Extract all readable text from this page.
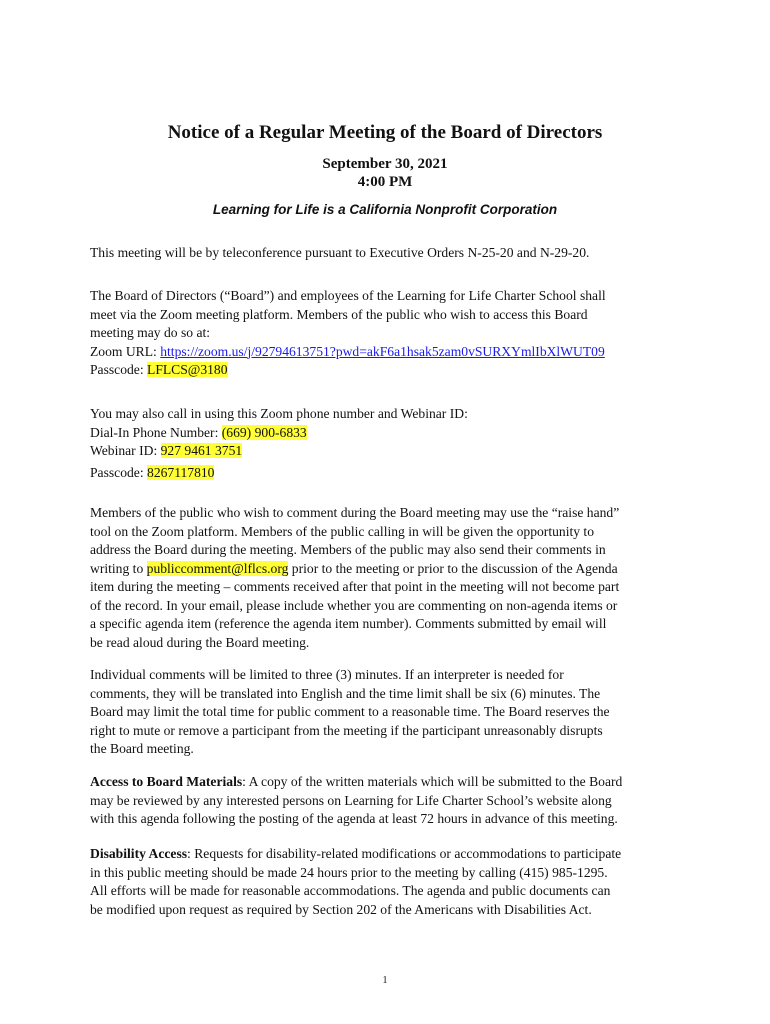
Notice of a Regular Meeting of the Board of Directors
September 30, 2021
4:00 PM
Learning for Life is a California Nonprofit Corporation
This meeting will be by teleconference pursuant to Executive Orders N-25-20 and N-29-20.
The Board of Directors (“Board”) and employees of the Learning for Life Charter School shall
meet via the Zoom meeting platform. Members of the public who wish to access this Board
meeting may do so at:
Zoom URL: https://zoom.us/j/92794613751?pwd=akF6a1hsak5zam0vSURXYmlIbXlWUT09
Passcode: LFLCS@3180
You may also call in using this Zoom phone number and Webinar ID:
Dial-In Phone Number: (669) 900-6833
Webinar ID: 927 9461 3751
Passcode: 8267117810
Members of the public who wish to comment during the Board meeting may use the “raise hand”
tool on the Zoom platform. Members of the public calling in will be given the opportunity to
address the Board during the meeting. Members of the public may also send their comments in
writing to publiccomment@lflcs.org prior to the meeting or prior to the discussion of the Agenda
item during the meeting – comments received after that point in the meeting will not become part
of the record. In your email, please include whether you are commenting on non-agenda items or
a specific agenda item (reference the agenda item number). Comments submitted by email will
be read aloud during the Board meeting.
Individual comments will be limited to three (3) minutes. If an interpreter is needed for
comments, they will be translated into English and the time limit shall be six (6) minutes. The
Board may limit the total time for public comment to a reasonable time. The Board reserves the
right to mute or remove a participant from the meeting if the participant unreasonably disrupts
the Board meeting.
Access to Board Materials: A copy of the written materials which will be submitted to the Board
may be reviewed by any interested persons on Learning for Life Charter School’s website along
with this agenda following the posting of the agenda at least 72 hours in advance of this meeting.
Disability Access: Requests for disability-related modifications or accommodations to participate
in this public meeting should be made 24 hours prior to the meeting by calling (415) 985-1295.
All efforts will be made for reasonable accommodations. The agenda and public documents can
be modified upon request as required by Section 202 of the Americans with Disabilities Act.
1
